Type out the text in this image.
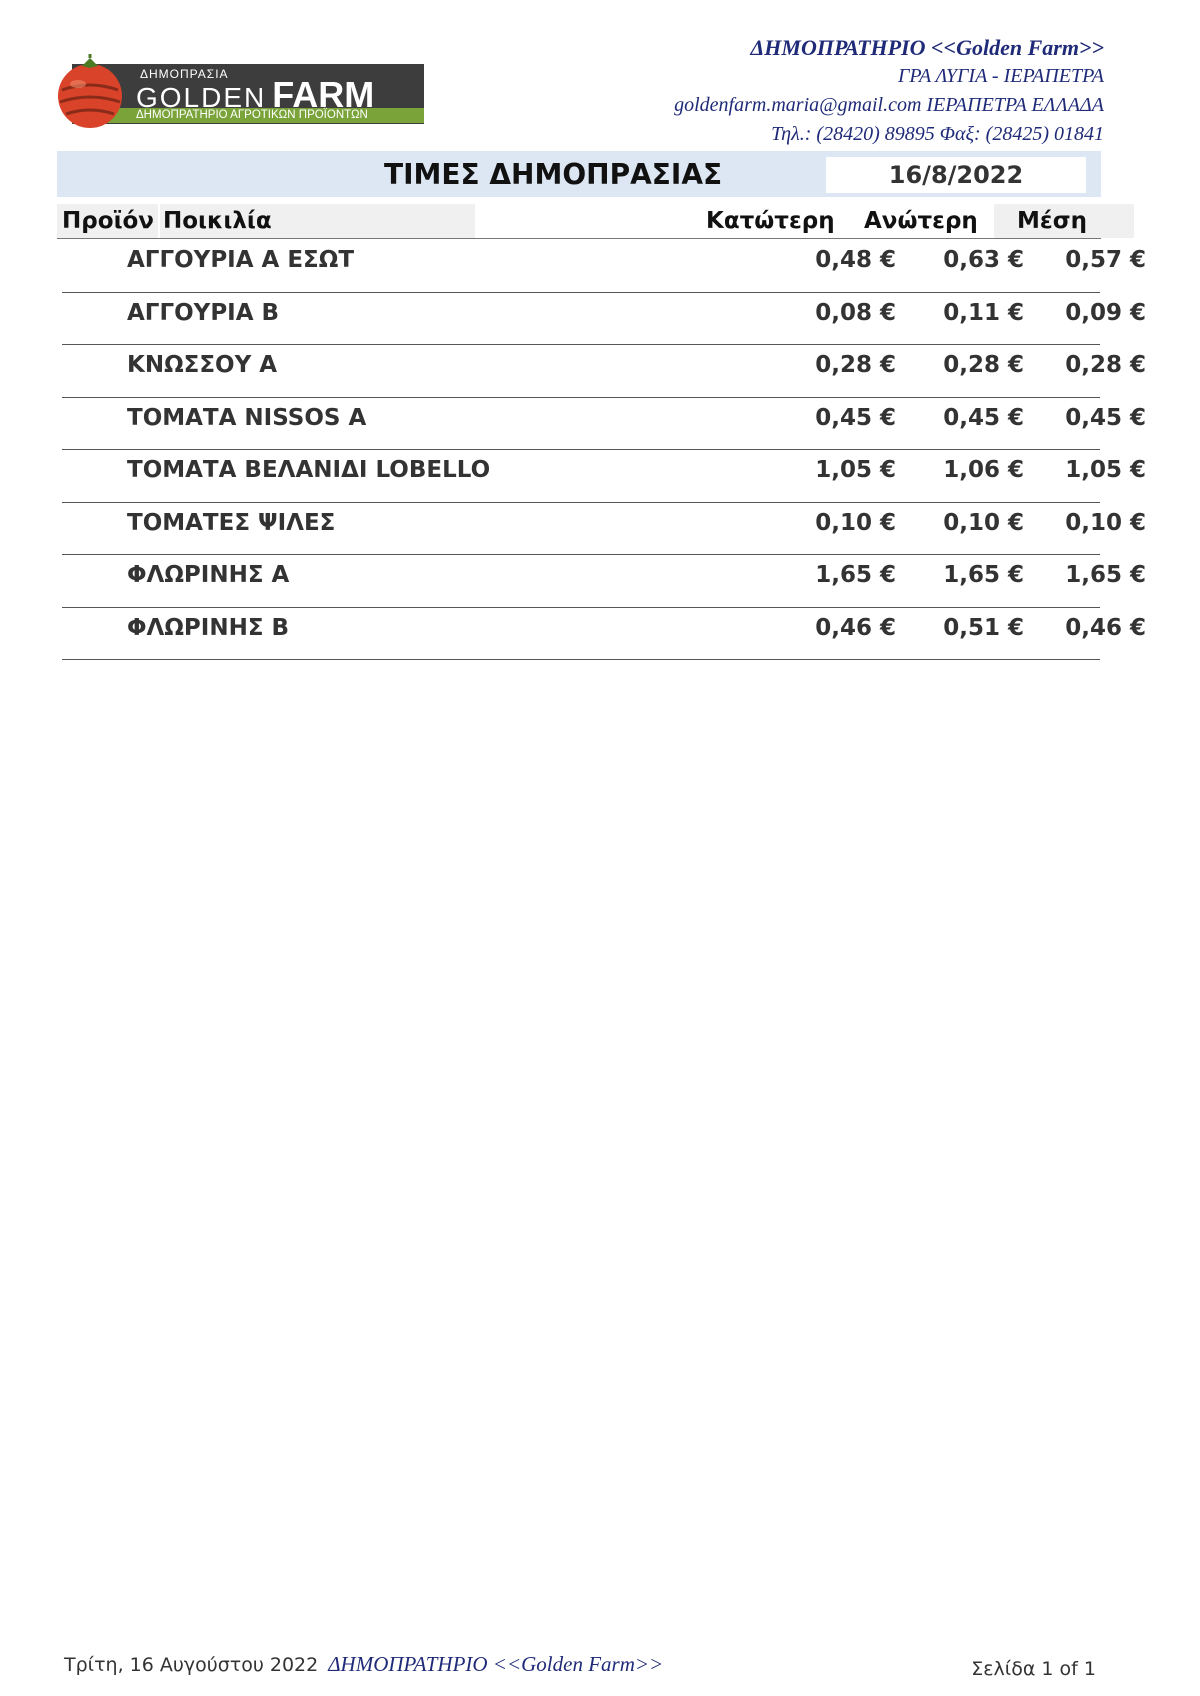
ΔΗΜΟΠΡΑΣΙΑ
GOLDEN FARM
ΔΗΜΟΠΡΑΤΗΡΙΟ ΑΓΡΟΤΙΚΩΝ ΠΡΟΪΟΝΤΩΝ
ΔΗΜΟΠΡΑΤΗΡΙΟ <<Golden Farm>>
ΓΡΑ ΛΥΓΙΑ - ΙΕΡΑΠΕΤΡΑ
goldenfarm.maria@gmail.com ΙΕΡΑΠΕΤΡΑ ΕΛΛΑΔΑ
Τηλ.: (28420) 89895 Φαξ: (28425) 01841
ΤΙΜΕΣ ΔΗΜΟΠΡΑΣΙΑΣ	16/8/2022
Προϊόν Ποικιλία	Κατώτερη Ανώτερη	Μέση
ΑΓΓΟΥΡΙΑ Α ΕΣΩΤ	0,48 €	0,63 €	0,57 €
ΑΓΓΟΥΡΙΑ Β	0,08 €	0,11 €	0,09 €
ΚΝΩΣΣΟΥ Α	0,28 €	0,28 €	0,28 €
ΤΟΜΑΤΑ NISSOS Α	0,45 €	0,45 €	0,45 €
ΤΟΜΑΤΑ ΒΕΛΑΝΙΔΙ LOBELLO	1,05 €	1,06 €	1,05 €
ΤΟΜΑΤΕΣ ΨΙΛΕΣ	0,10 €	0,10 €	0,10 €
ΦΛΩΡΙΝΗΣ Α	1,65 €	1,65 €	1,65 €
ΦΛΩΡΙΝΗΣ Β	0,46 €	0,51 €	0,46 €
Τρίτη, 16 Αυγούστου 2022 ΔΗΜΟΠΡΑΤΗΡΙΟ <<Golden Farm>>	Σελίδα 1 of 1
